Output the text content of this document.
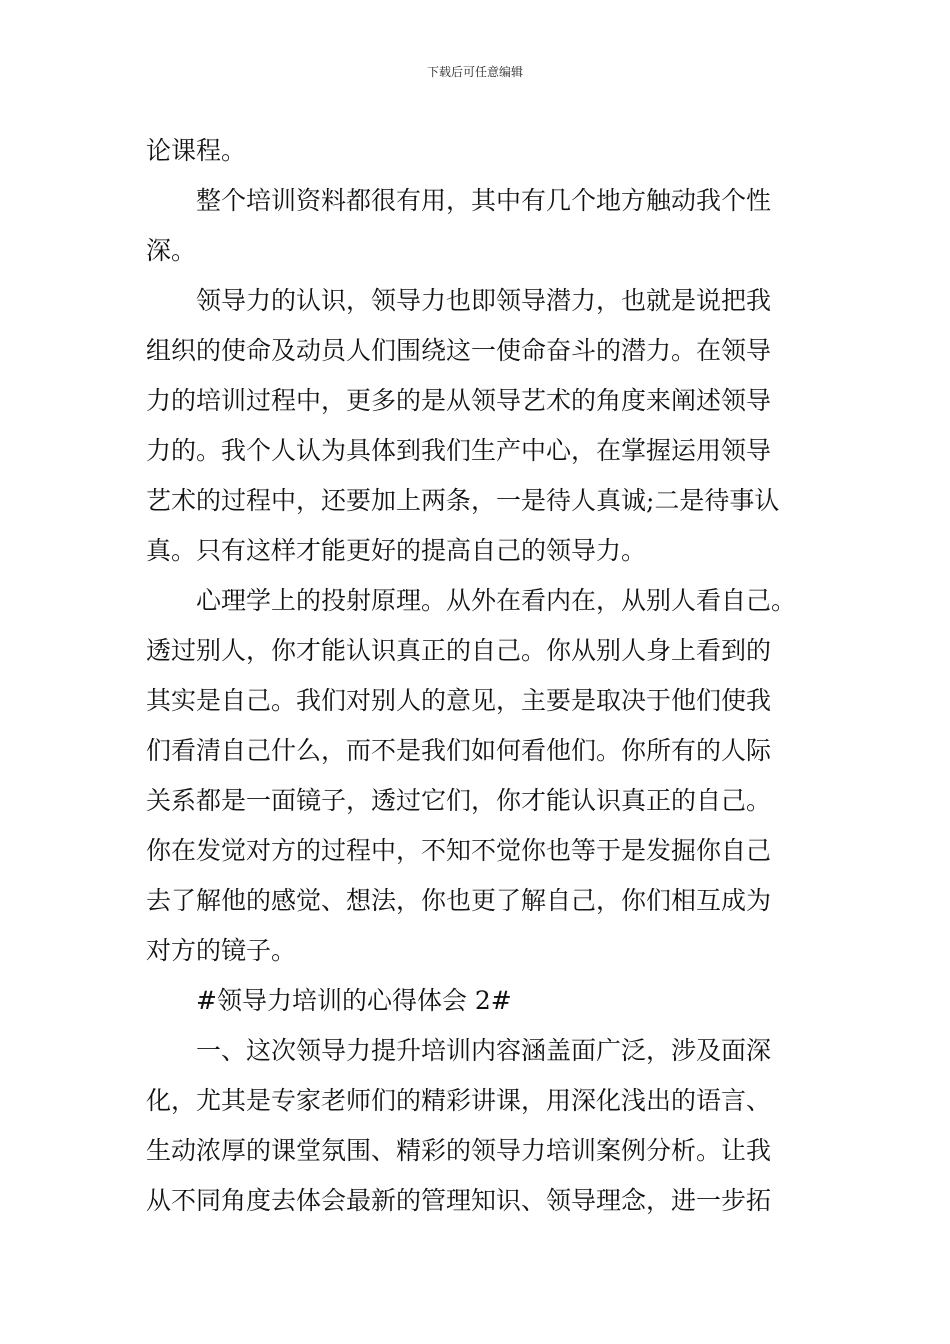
下载后可任意编辑
论课程。
　　整个培训资料都很有用，其中有几个地方触动我个性
深。
　　领导力的认识，领导力也即领导潜力，也就是说把我
组织的使命及动员人们围绕这一使命奋斗的潜力。在领导
力的培训过程中，更多的是从领导艺术的角度来阐述领导
力的。我个人认为具体到我们生产中心，在掌握运用领导
艺术的过程中，还要加上两条，一是待人真诚;二是待事认
真。只有这样才能更好的提高自己的领导力。
　　心理学上的投射原理。从外在看内在，从别人看自己。
透过别人，你才能认识真正的自己。你从别人身上看到的
其实是自己。我们对别人的意见，主要是取决于他们使我
们看清自己什么，而不是我们如何看他们。你所有的人际
关系都是一面镜子，透过它们，你才能认识真正的自己。
你在发觉对方的过程中，不知不觉你也等于是发掘你自己
去了解他的感觉、想法，你也更了解自己，你们相互成为
对方的镜子。
　　#领导力培训的心得体会 2#
　　一、这次领导力提升培训内容涵盖面广泛，涉及面深
化，尤其是专家老师们的精彩讲课，用深化浅出的语言、
生动浓厚的课堂氛围、精彩的领导力培训案例分析。让我
从不同角度去体会最新的管理知识、领导理念，进一步拓
